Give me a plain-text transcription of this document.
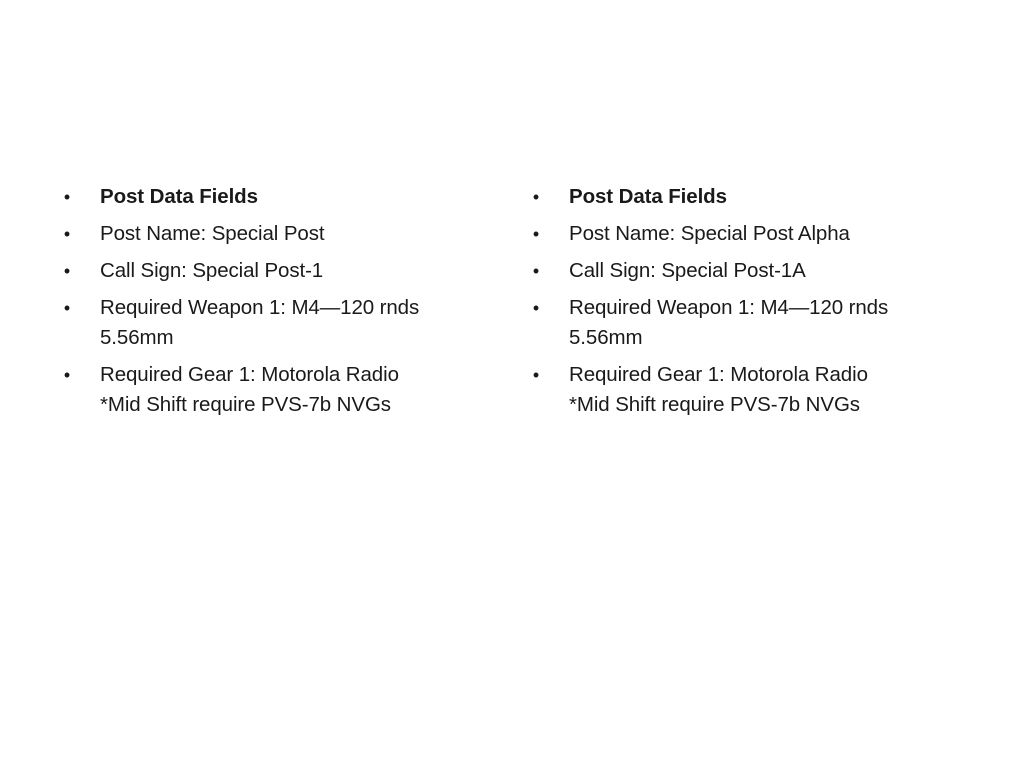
• Post Data Fields
• Post Name: Special Post
• Call Sign: Special Post-1
• Required Weapon 1: M4—120 rnds 5.56mm
• Required Gear 1: Motorola Radio
*Mid Shift require PVS-7b NVGs
• Post Data Fields
• Post Name: Special Post Alpha
• Call Sign: Special Post-1A
• Required Weapon 1: M4—120 rnds 5.56mm
• Required Gear 1: Motorola Radio
*Mid Shift require PVS-7b NVGs
